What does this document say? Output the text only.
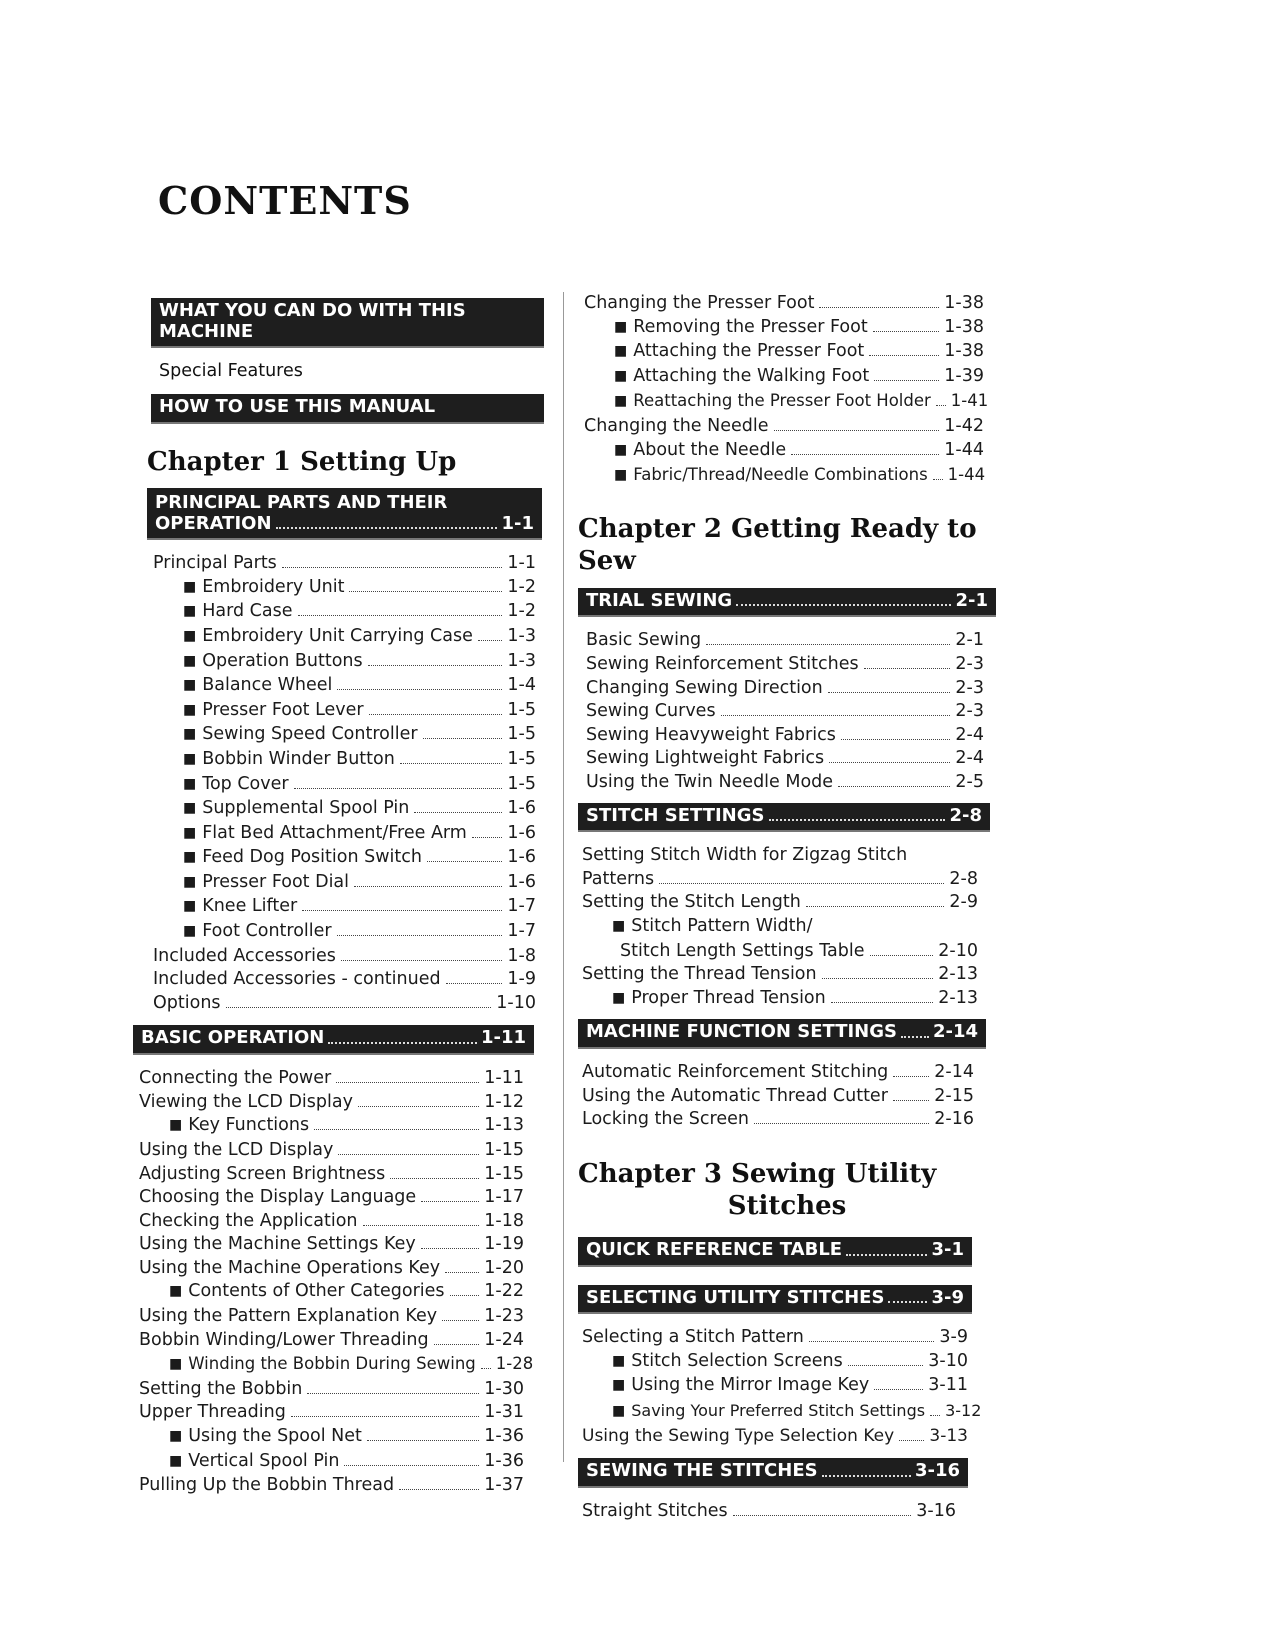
CONTENTS
WHAT YOU CAN DO WITH THIS MACHINE
Special Features
HOW TO USE THIS MANUAL
Chapter 1 Setting Up
PRINCIPAL PARTS AND THEIR
OPERATION	1-1
Principal Parts	1-1
■ Embroidery Unit	1-2
■ Hard Case	1-2
■ Embroidery Unit Carrying Case 1-3
■ Operation Buttons	1-3
■ Balance Wheel	1-4
■ Presser Foot Lever	1-5
■ Sewing Speed Controller	1-5
■ Bobbin Winder Button	1-5
■ Top Cover	1-5
■ Supplemental Spool Pin	1-6
■ Flat Bed Attachment/Free Arm 1-6
■ Feed Dog Position Switch	1-6
■ Presser Foot Dial	1-6
■ Knee Lifter	1-7
■ Foot Controller	1-7
Included Accessories	1-8
Included Accessories - continued	1-9
Options	1-10
BASIC OPERATION	1-11
Connecting the Power	1-11
Viewing the LCD Display	1-12
■ Key Functions	1-13
Using the LCD Display	1-15
Adjusting Screen Brightness	1-15
Choosing the Display Language	1-17
Checking the Application	1-18
Using the Machine Settings Key	1-19
Using the Machine Operations Key	1-20
■ Contents of Other Categories 1-22
Using the Pattern Explanation Key	1-23
Bobbin Winding/Lower Threading	1-24
■ Winding the Bobbin During Sewing 1-28
Setting the Bobbin	1-30
Upper Threading	1-31
■ Using the Spool Net	1-36
■ Vertical Spool Pin	1-36
Pulling Up the Bobbin Thread	1-37
Changing the Presser Foot	1-38
■ Removing the Presser Foot	1-38
■ Attaching the Presser Foot	1-38
■ Attaching the Walking Foot	1-39
■ Reattaching the Presser Foot Holder 1-41
Changing the Needle	1-42
■ About the Needle	1-44
■ Fabric/Thread/Needle Combinations 1-44
Chapter 2 Getting Ready to Sew
TRIAL SEWING	2-1
Basic Sewing	2-1
Sewing Reinforcement Stitches	2-3
Changing Sewing Direction	2-3
Sewing Curves	2-3
Sewing Heavyweight Fabrics	2-4
Sewing Lightweight Fabrics	2-4
Using the Twin Needle Mode	2-5
STITCH SETTINGS	2-8
Setting Stitch Width for Zigzag Stitch
Patterns	2-8
Setting the Stitch Length	2-9
■ Stitch Pattern Width/
Stitch Length Settings Table	2-10
Setting the Thread Tension	2-13
■ Proper Thread Tension	2-13
MACHINE FUNCTION SETTINGS 2-14
Automatic Reinforcement Stitching	2-14
Using the Automatic Thread Cutter	2-15
Locking the Screen	2-16
Chapter 3 Sewing Utility
Stitches
QUICK REFERENCE TABLE	3-1
SELECTING UTILITY STITCHES	3-9
Selecting a Stitch Pattern	3-9
■ Stitch Selection Screens	3-10
■ Using the Mirror Image Key	3-11
■ Saving Your Preferred Stitch Settings 3-12
Using the Sewing Type Selection Key 3-13
SEWING THE STITCHES	3-16
Straight Stitches	3-16
